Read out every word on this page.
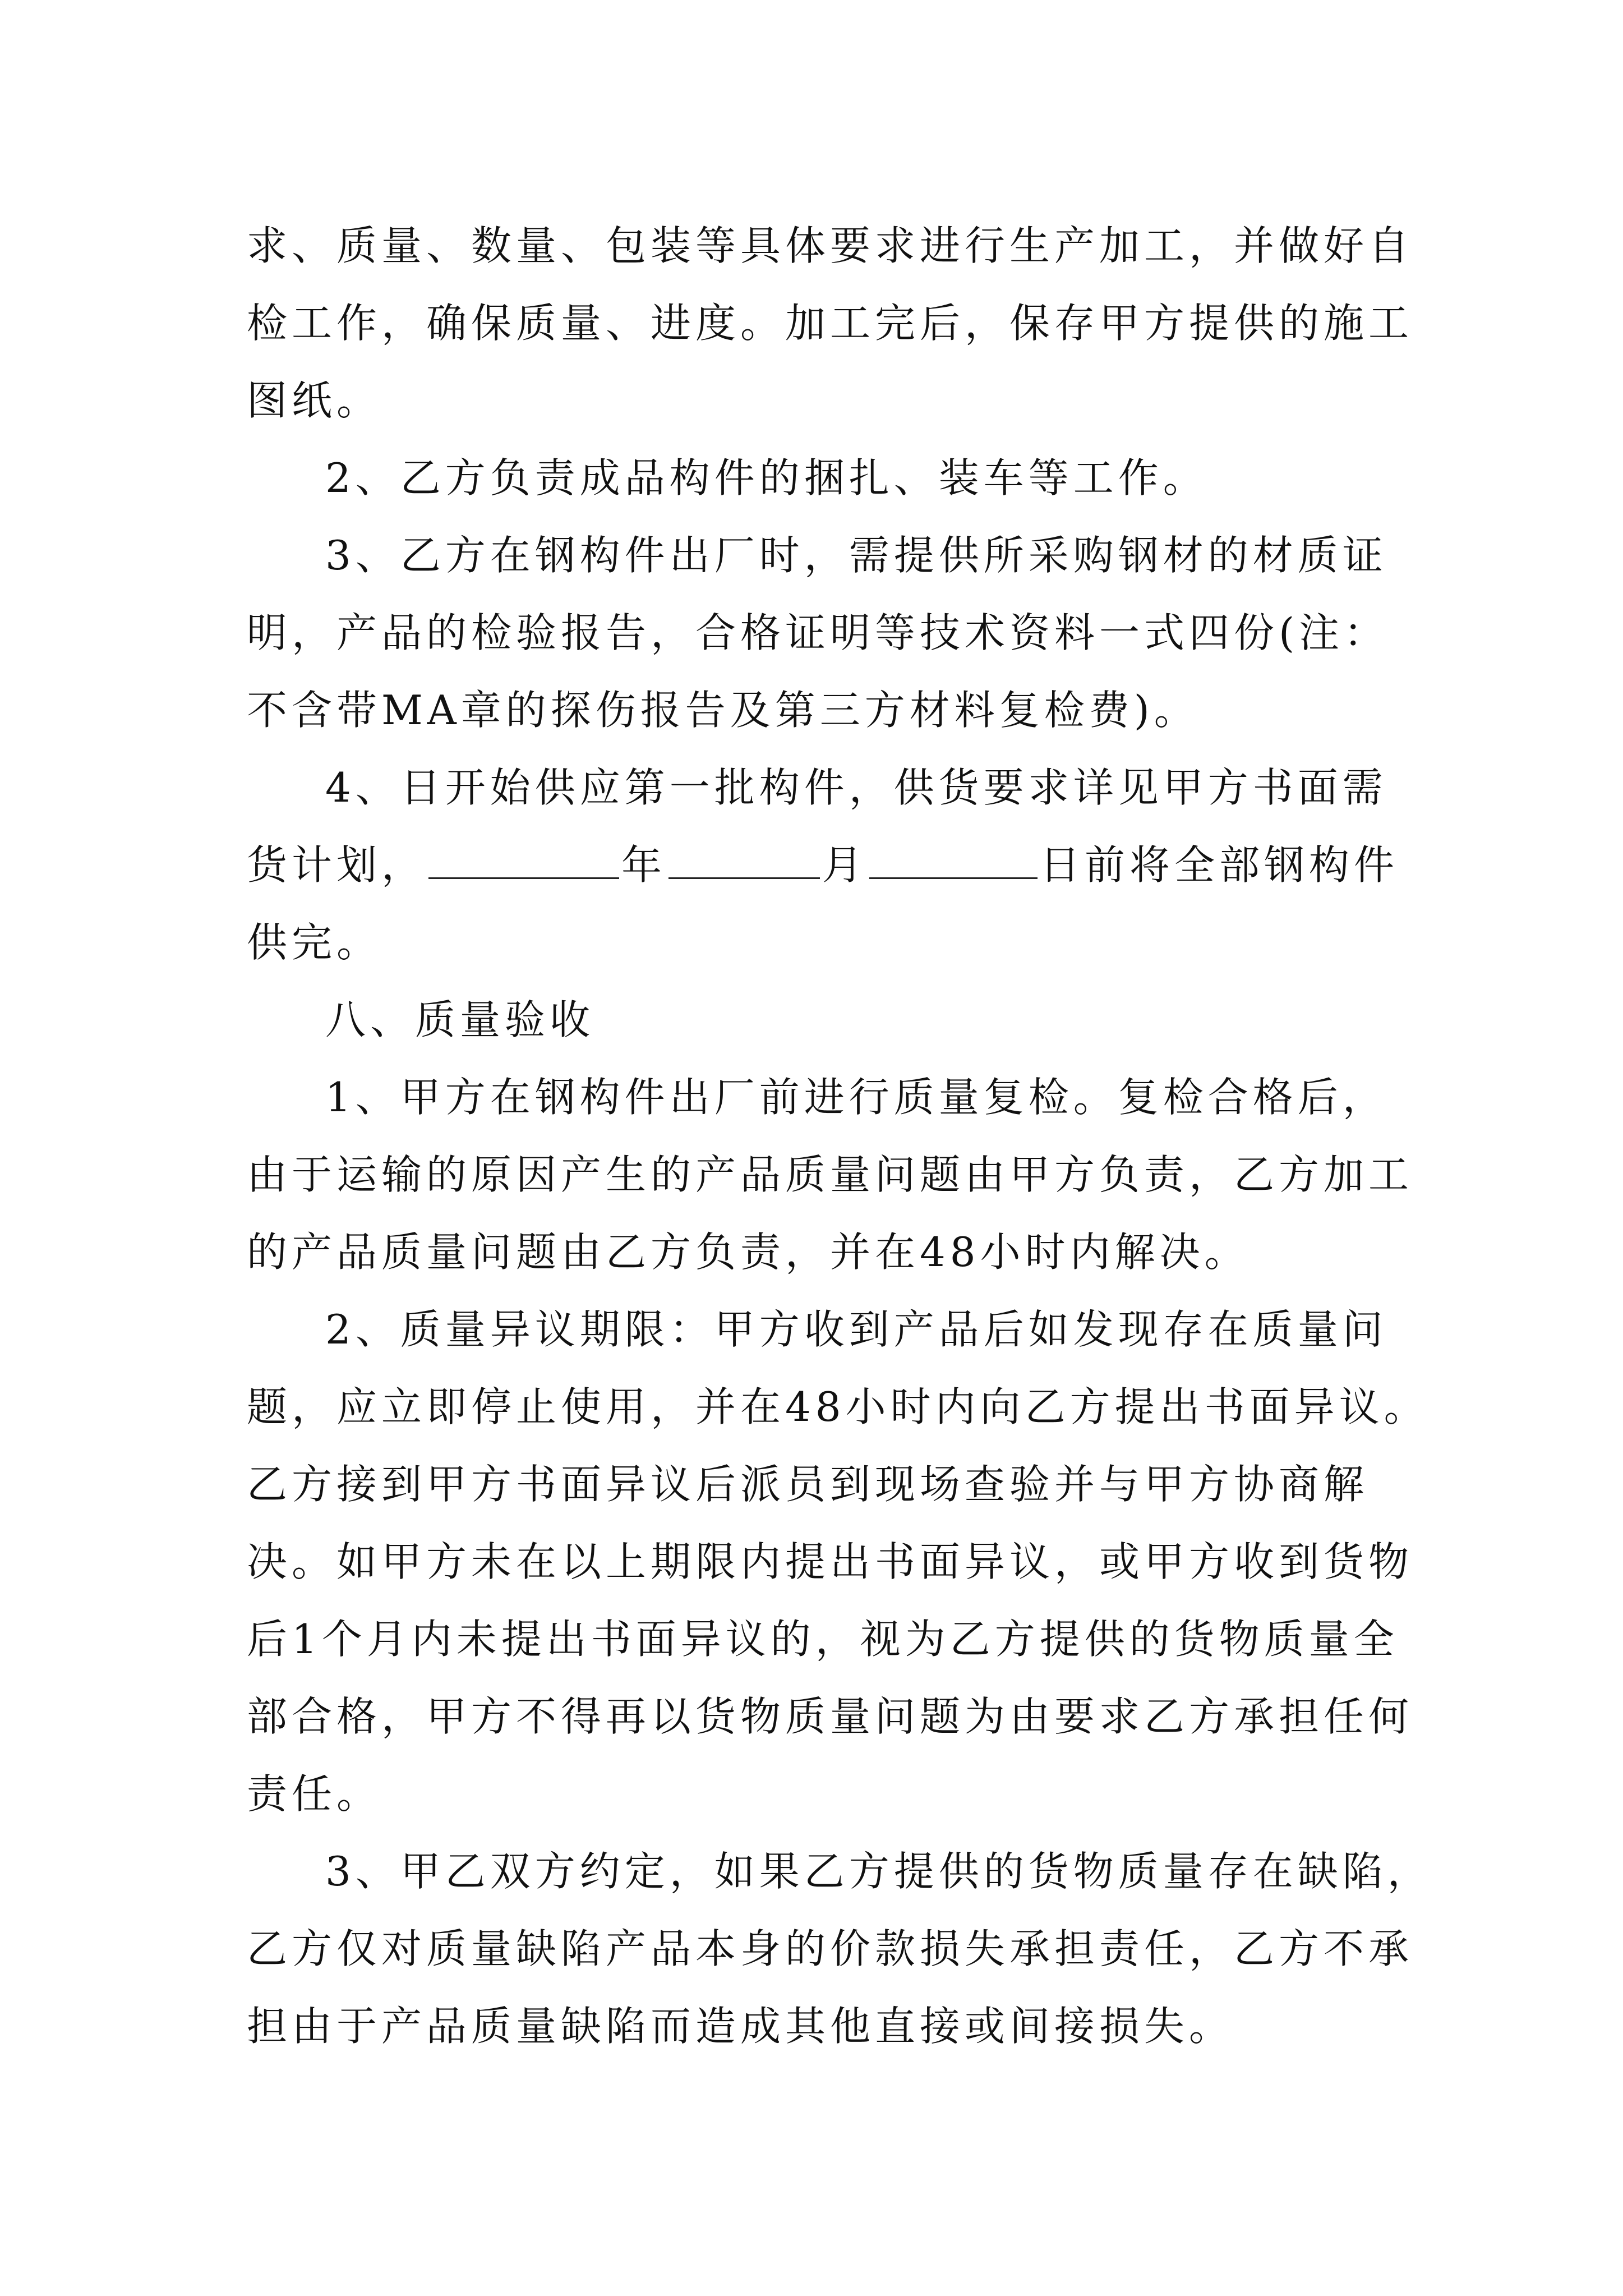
求、质量、数量、包装等具体要求进行生产加工，并做好自
检工作，确保质量、进度。加工完后，保存甲方提供的施工
图纸。
2、乙方负责成品构件的捆扎、装车等工作。
3、乙方在钢构件出厂时，需提供所采购钢材的材质证
明，产品的检验报告，合格证明等技术资料一式四份(注：
不含带MA章的探伤报告及第三方材料复检费)。
4、日开始供应第一批构件，供货要求详见甲方书面需
货计划，	年	月	日前将全部钢构件
供完。
八、质量验收
1、甲方在钢构件出厂前进行质量复检。复检合格后，
由于运输的原因产生的产品质量问题由甲方负责，乙方加工
的产品质量问题由乙方负责，并在48小时内解决。
2、质量异议期限：甲方收到产品后如发现存在质量问
题，应立即停止使用，并在48小时内向乙方提出书面异议。
乙方接到甲方书面异议后派员到现场查验并与甲方协商解
决。如甲方未在以上期限内提出书面异议，或甲方收到货物
后1个月内未提出书面异议的，视为乙方提供的货物质量全
部合格，甲方不得再以货物质量问题为由要求乙方承担任何
责任。
3、甲乙双方约定，如果乙方提供的货物质量存在缺陷，
乙方仅对质量缺陷产品本身的价款损失承担责任，乙方不承
担由于产品质量缺陷而造成其他直接或间接损失。
